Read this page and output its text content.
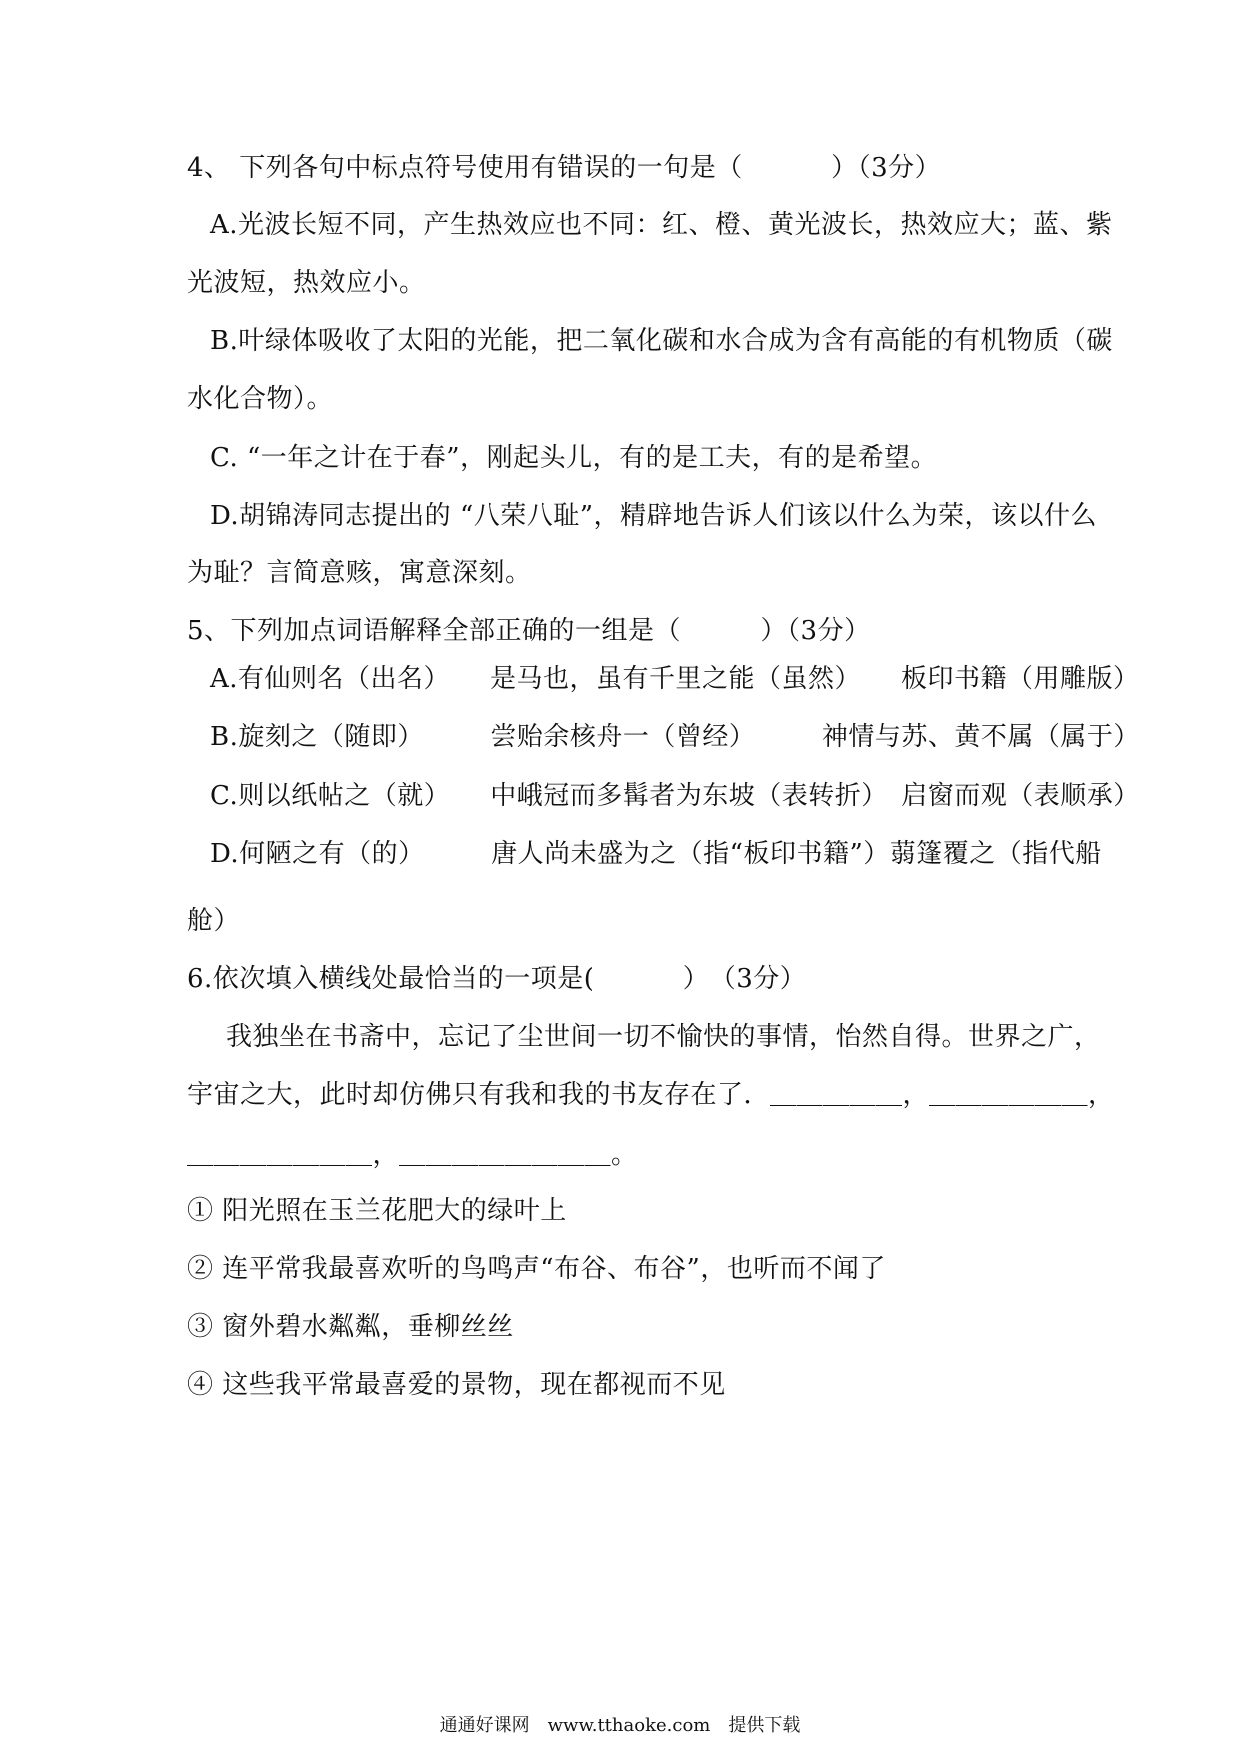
4、 下列各句中标点符号使用有错误的一句是（　　　 ）（3分）
A.光波长短不同，产生热效应也不同：红、橙、黄光波长，热效应大；蓝、紫
光波短，热效应小。
B.叶绿体吸收了太阳的光能，把二氧化碳和水合成为含有高能的有机物质（碳
水化合物）。
C. “一年之计在于春”，刚起头儿，有的是工夫，有的是希望。
D.胡锦涛同志提出的 “八荣八耻”，精辟地告诉人们该以什么为荣，该以什么
为耻？言简意赅，寓意深刻。
5、下列加点词语解释全部正确的一组是（　　　）（3分）
A.有仙则名（出名）　　是马也，虽有千里之能（虽然）　　板印书籍（用雕版）
B.旋刻之（随即）　　　尝贻余核舟一（曾经）　　　神情与苏、黄不属（属于）
C.则以纸帖之（就）　　中峨冠而多髯者为东坡（表转折）　启窗而观（表顺承）
D.何陋之有（的）　　　唐人尚未盛为之（指“板印书籍”）蒻篷覆之（指代船
舱）
6.依次填入横线处最恰当的一项是(　　　 ）　（3分）
我独坐在书斋中，忘记了尘世间一切不愉快的事情，怡然自得。世界之广，
宇宙之大，此时却仿佛只有我和我的书友存在了．＿＿＿＿＿，＿＿＿＿＿＿，
＿＿＿＿＿＿＿，＿＿＿＿＿＿＿＿。
① 阳光照在玉兰花肥大的绿叶上
② 连平常我最喜欢听的鸟鸣声“布谷、布谷”，也听而不闻了
③ 窗外碧水粼粼，垂柳丝丝
④ 这些我平常最喜爱的景物，现在都视而不见
通通好课网　www.tthaoke.com　提供下载
